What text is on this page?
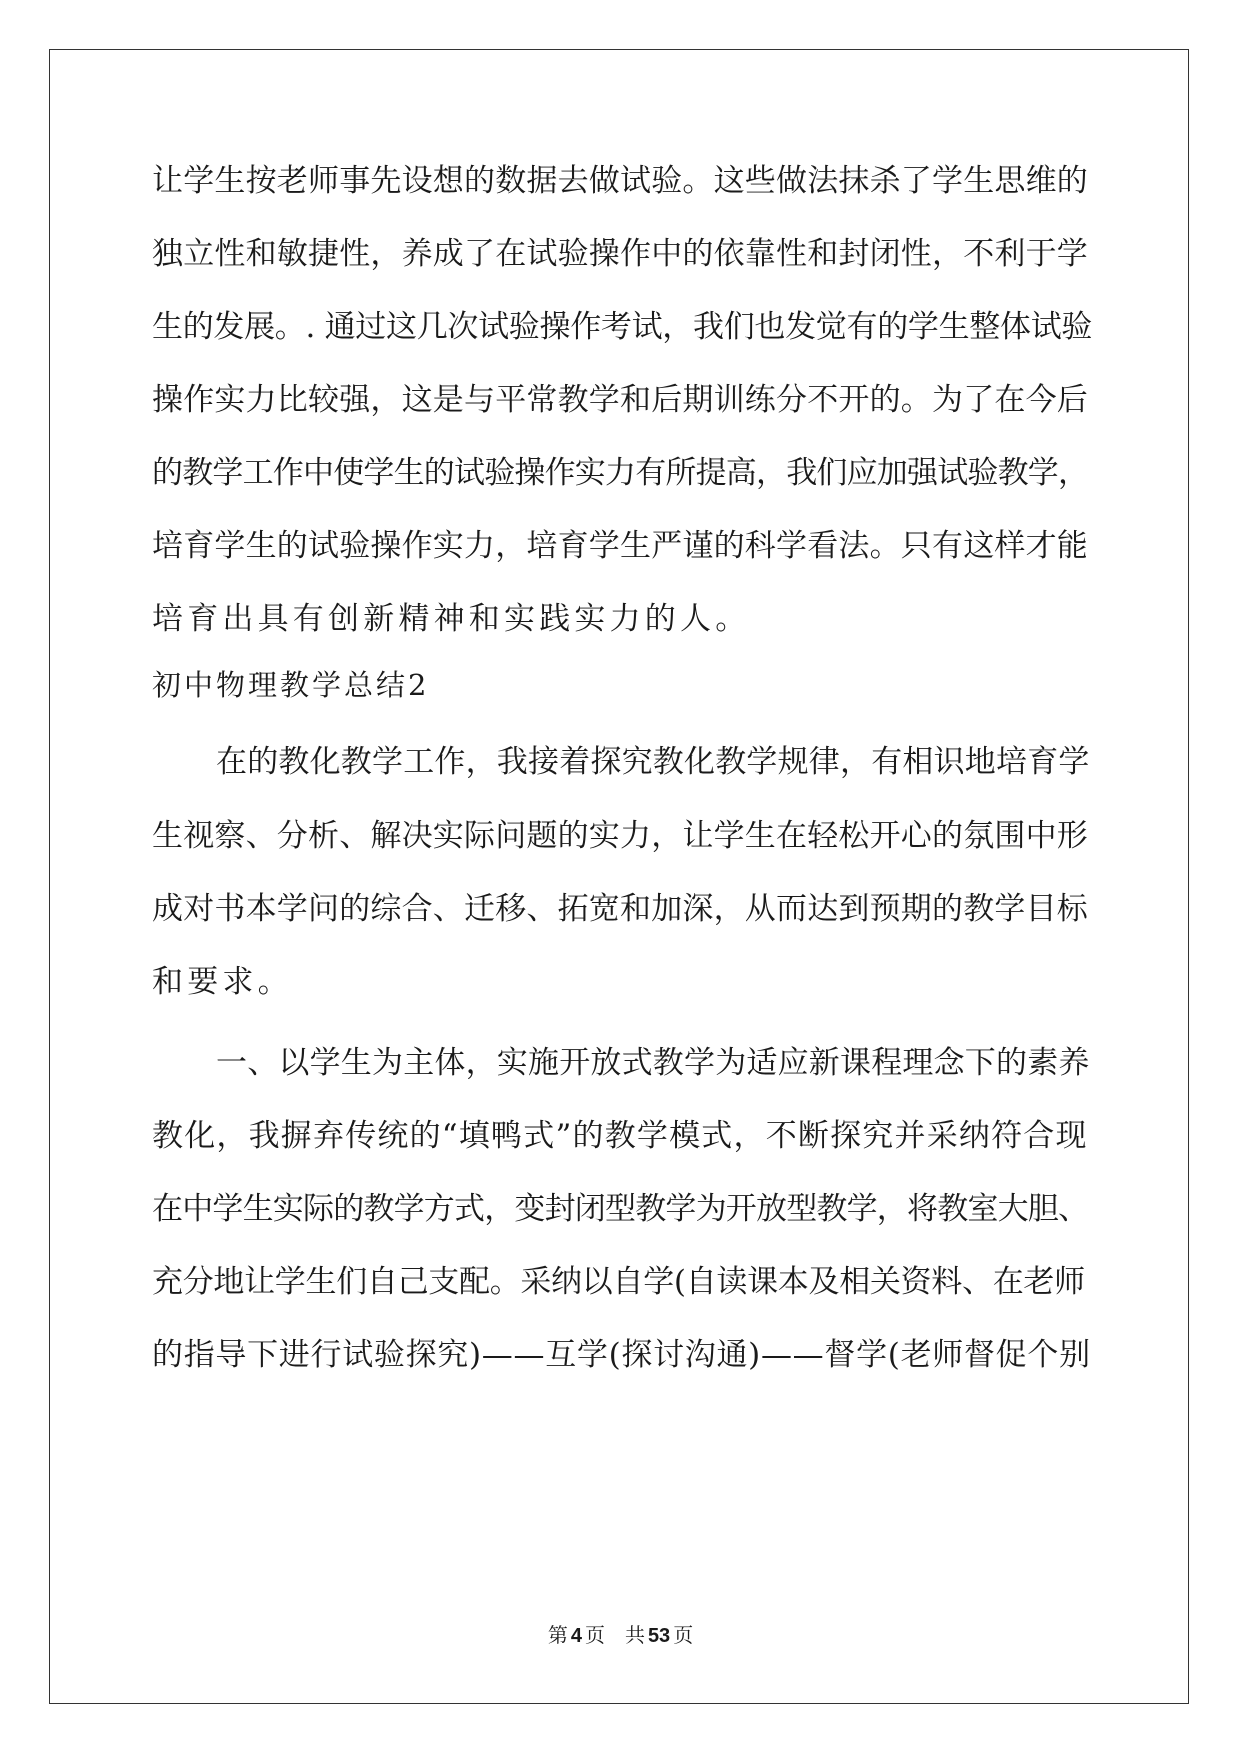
让学生按老师事先设想的数据去做试验。这些做法抹杀了学生思维的
独立性和敏捷性，养成了在试验操作中的依靠性和封闭性，不利于学
生的发展。. 通过这几次试验操作考试，我们也发觉有的学生整体试验
操作实力比较强，这是与平常教学和后期训练分不开的。为了在今后
的教学工作中使学生的试验操作实力有所提高，我们应加强试验教学，
培育学生的试验操作实力，培育学生严谨的科学看法。只有这样才能
培育出具有创新精神和实践实力的人。
初中物理教学总结2
在的教化教学工作，我接着探究教化教学规律，有相识地培育学
生视察、分析、解决实际问题的实力，让学生在轻松开心的氛围中形
成对书本学问的综合、迁移、拓宽和加深，从而达到预期的教学目标
和要求。
一、以学生为主体，实施开放式教学为适应新课程理念下的素养
教化，我摒弃传统的“填鸭式”的教学模式，不断探究并采纳符合现
在中学生实际的教学方式，变封闭型教学为开放型教学，将教室大胆、
充分地让学生们自己支配。采纳以自学(自读课本及相关资料、在老师
的指导下进行试验探究)——互学(探讨沟通)——督学(老师督促个别
第 4 页 共 53 页
